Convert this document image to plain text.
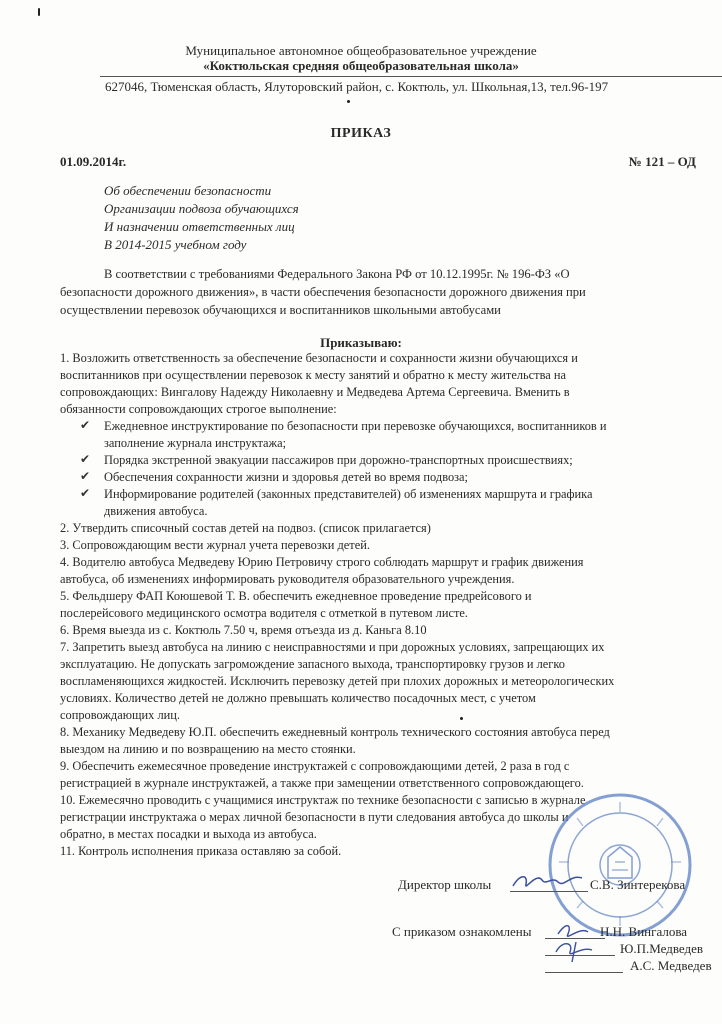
Муниципальное автономное общеобразовательное учреждение
«Коктюльская средняя общеобразовательная школа»
627046, Тюменская область, Ялуторовский район, с. Коктюль, ул. Школьная,13, тел.96-197
ПРИКАЗ
01.09.2014г.	№ 121 – ОД
Об обеспечении безопасности
Организации подвоза обучающихся
И назначении ответственных лиц
В 2014-2015 учебном году
В соответствии с требованиями Федерального Закона РФ от 10.12.1995г. № 196-ФЗ «О
безопасности дорожного движения», в части обеспечения безопасности дорожного движения при
осуществлении перевозок обучающихся и воспитанников школьными автобусами
Приказываю:
1. Возложить ответственность за обеспечение безопасности и сохранности жизни обучающихся и
воспитанников при осуществлении перевозок к месту занятий и обратно к месту жительства на
сопровождающих: Вингалову Надежду Николаевну и Медведева Артема Сергеевича. Вменить в
обязанности сопровождающих строгое выполнение:
✔ Ежедневное инструктирование по безопасности при перевозке обучающихся, воспитанников и
заполнение журнала инструктажа;
✔ Порядка экстренной эвакуации пассажиров при дорожно-транспортных происшествиях;
✔ Обеспечения сохранности жизни и здоровья детей во время подвоза;
✔ Информирование родителей (законных представителей) об изменениях маршрута и графика
движения автобуса.
2. Утвердить списочный состав детей на подвоз. (список прилагается)
3. Сопровождающим вести журнал учета перевозки детей.
4. Водителю автобуса Медведеву Юрию Петровичу строго соблюдать маршрут и график движения
автобуса, об изменениях информировать руководителя образовательного учреждения.
5. Фельдшеру ФАП Коюшевой Т. В. обеспечить ежедневное проведение предрейсового и
послерейсового медицинского осмотра водителя с отметкой в путевом листе.
6. Время выезда из с. Коктюль 7.50 ч, время отъезда из д. Каньга 8.10
7. Запретить выезд автобуса на линию с неисправностями и при дорожных условиях, запрещающих их
эксплуатацию. Не допускать загромождение запасного выхода, транспортировку грузов и легко
воспламеняющихся жидкостей. Исключить перевозку детей при плохих дорожных и метеорологических
условиях. Количество детей не должно превышать количество посадочных мест, с учетом
сопровождающих лиц.
8. Механику Медведеву Ю.П. обеспечить ежедневный контроль технического состояния автобуса перед
выездом на линию и по возвращению на место стоянки.
9. Обеспечить ежемесячное проведение инструктажей с сопровождающими детей, 2 раза в год с
регистрацией в журнале инструктажей, а также при замещении ответственного сопровождающего.
10. Ежемесячно проводить с учащимися инструктаж по технике безопасности с записью в журнале
регистрации инструктажа о мерах личной безопасности в пути следования автобуса до школы и
обратно, в местах посадки и выхода из автобуса.
11. Контроль исполнения приказа оставляю за собой.
Директор школы	С.В. Зинтерекова
С приказом ознакомлены	Н.Н. Вингалова
Ю.П.Медведев
А.С. Медведев
